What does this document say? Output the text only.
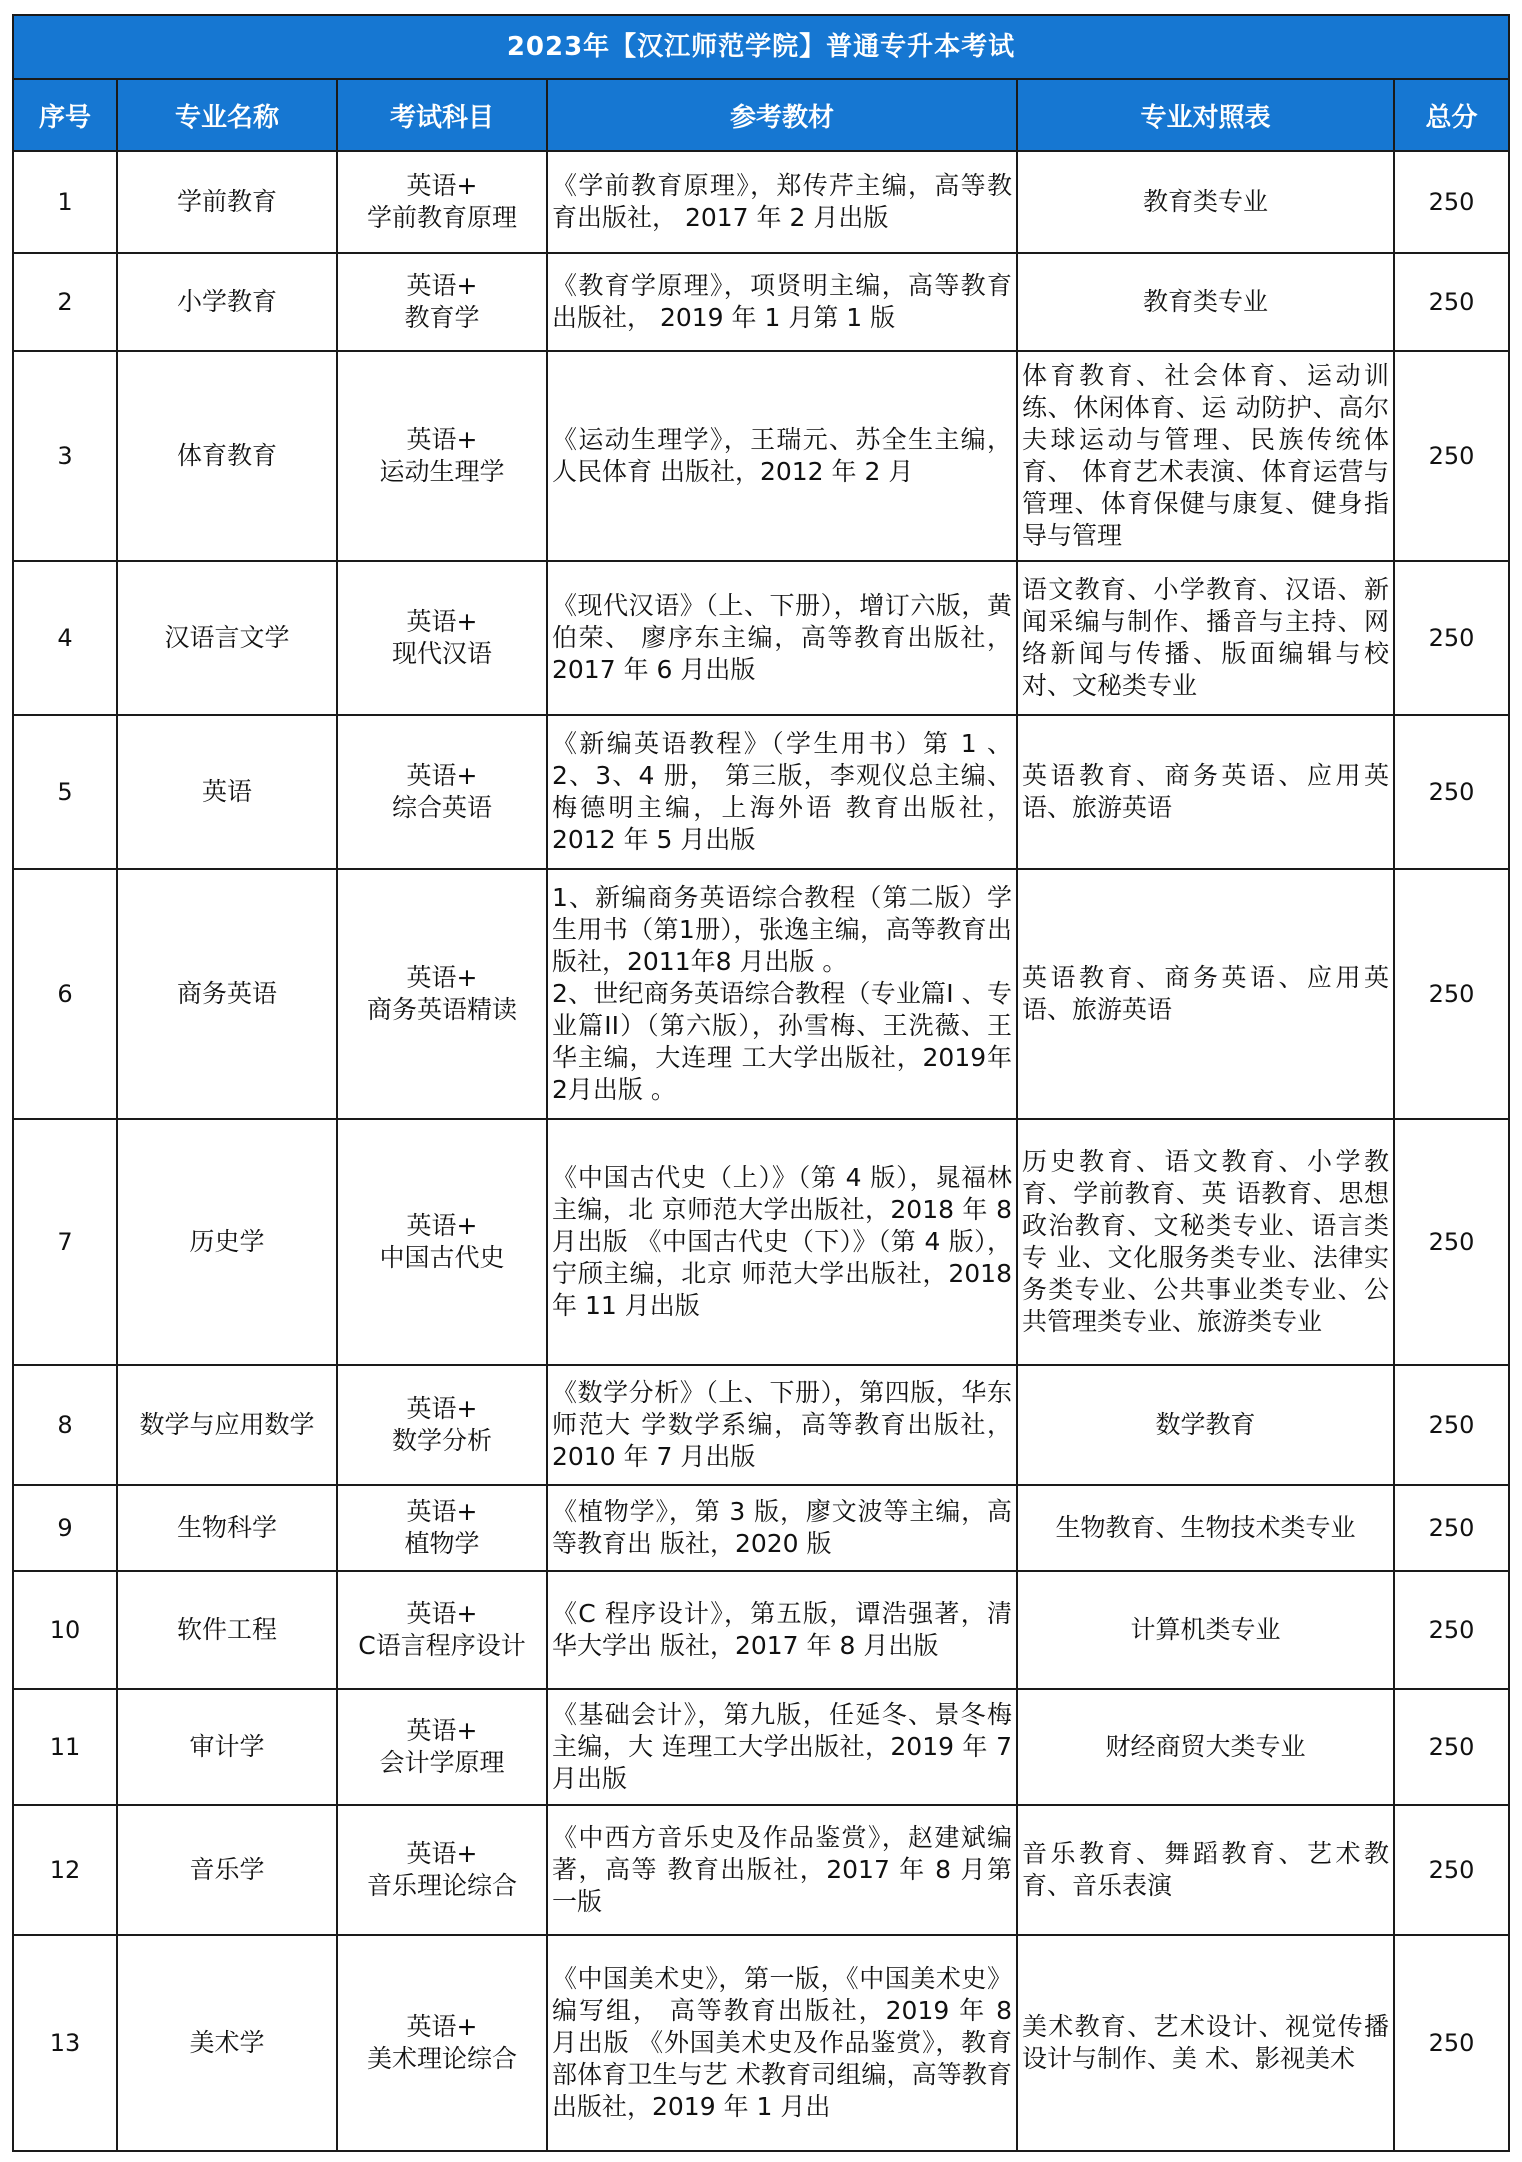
2023年【汉江师范学院】普通专升本考试					
序号	专业名称	考试科目	参考教材	专业对照表	总分
1	学前教育	英语+
学前教育原理	《学前教育原理》，郑传芹主编，高等教育出版社， 2017 年 2 月出版	教育类专业	250
2	小学教育	英语+
教育学	《教育学原理》，项贤明主编，高等教育出版社， 2019 年 1 月第 1 版	教育类专业	250
3	体育教育	英语+
运动生理学	《运动生理学》，王瑞元、苏全生主编，人民体育 出版社，2012 年 2 月	体育教育、社会体育、运动训练、休闲体育、运 动防护、高尔夫球运动与管理、民族传统体育、 体育艺术表演、体育运营与管理、体育保健与康复、健身指导与管理	250
4	汉语言文学	英语+
现代汉语	《现代汉语》（上、下册），增订六版，黄伯荣、 廖序东主编，高等教育出版社，2017 年 6 月出版	语文教育、小学教育、汉语、新闻采编与制作、播音与主持、网络新闻与传播、版面编辑与校对、文秘类专业	250
5	英语	英语+
综合英语	《新编英语教程》（学生用书）第 1 、2、3、4 册， 第三版，李观仪总主编、梅德明主编，上海外语 教育出版社，2012 年 5 月出版	英语教育、商务英语、应用英语、旅游英语	250
6	商务英语	英语+
商务英语精读	1、新编商务英语综合教程（第二版）学生用书（第1册），张逸主编，高等教育出版社，2011年8 月出版 。
2、世纪商务英语综合教程（专业篇I 、专业篇II）（第六版），孙雪梅、王洗薇、王华主编，大连理 工大学出版社，2019年2月出版 。	英语教育、商务英语、应用英语、旅游英语	250
7	历史学	英语+
中国古代史	《中国古代史（上）》（第 4 版），晁福林主编，北 京师范大学出版社，2018 年 8 月出版 《中国古代史（下）》（第 4 版），宁颀主编，北京 师范大学出版社，2018 年 11 月出版	历史教育、语文教育、小学教育、学前教育、英 语教育、思想政治教育、文秘类专业、语言类专 业、文化服务类专业、法律实务类专业、公共事业类专业、公共管理类专业、旅游类专业	250
8	数学与应用数学	英语+
数学分析	《数学分析》（上、下册），第四版，华东师范大 学数学系编，高等教育出版社，2010 年 7 月出版	数学教育	250
9	生物科学	英语+
植物学	《植物学》，第 3 版，廖文波等主编，高等教育出 版社，2020 版	生物教育、生物技术类专业	250
10	软件工程	英语+
C语言程序设计	《C 程序设计》，第五版，谭浩强著，清华大学出 版社，2017 年 8 月出版	计算机类专业	250
11	审计学	英语+
会计学原理	《基础会计》，第九版，任延冬、景冬梅主编，大 连理工大学出版社，2019 年 7 月出版	财经商贸大类专业	250
12	音乐学	英语+
音乐理论综合	《中西方音乐史及作品鉴赏》，赵建斌编著，高等 教育出版社，2017 年 8 月第一版	音乐教育、舞蹈教育、艺术教育、音乐表演	250
13	美术学	英语+
美术理论综合	《中国美术史》，第一版，《中国美术史》编写组， 高等教育出版社，2019 年 8 月出版 《外国美术史及作品鉴赏》，教育部体育卫生与艺 术教育司组编，高等教育出版社，2019 年 1 月出	美术教育、艺术设计、视觉传播设计与制作、美 术、影视美术	250
